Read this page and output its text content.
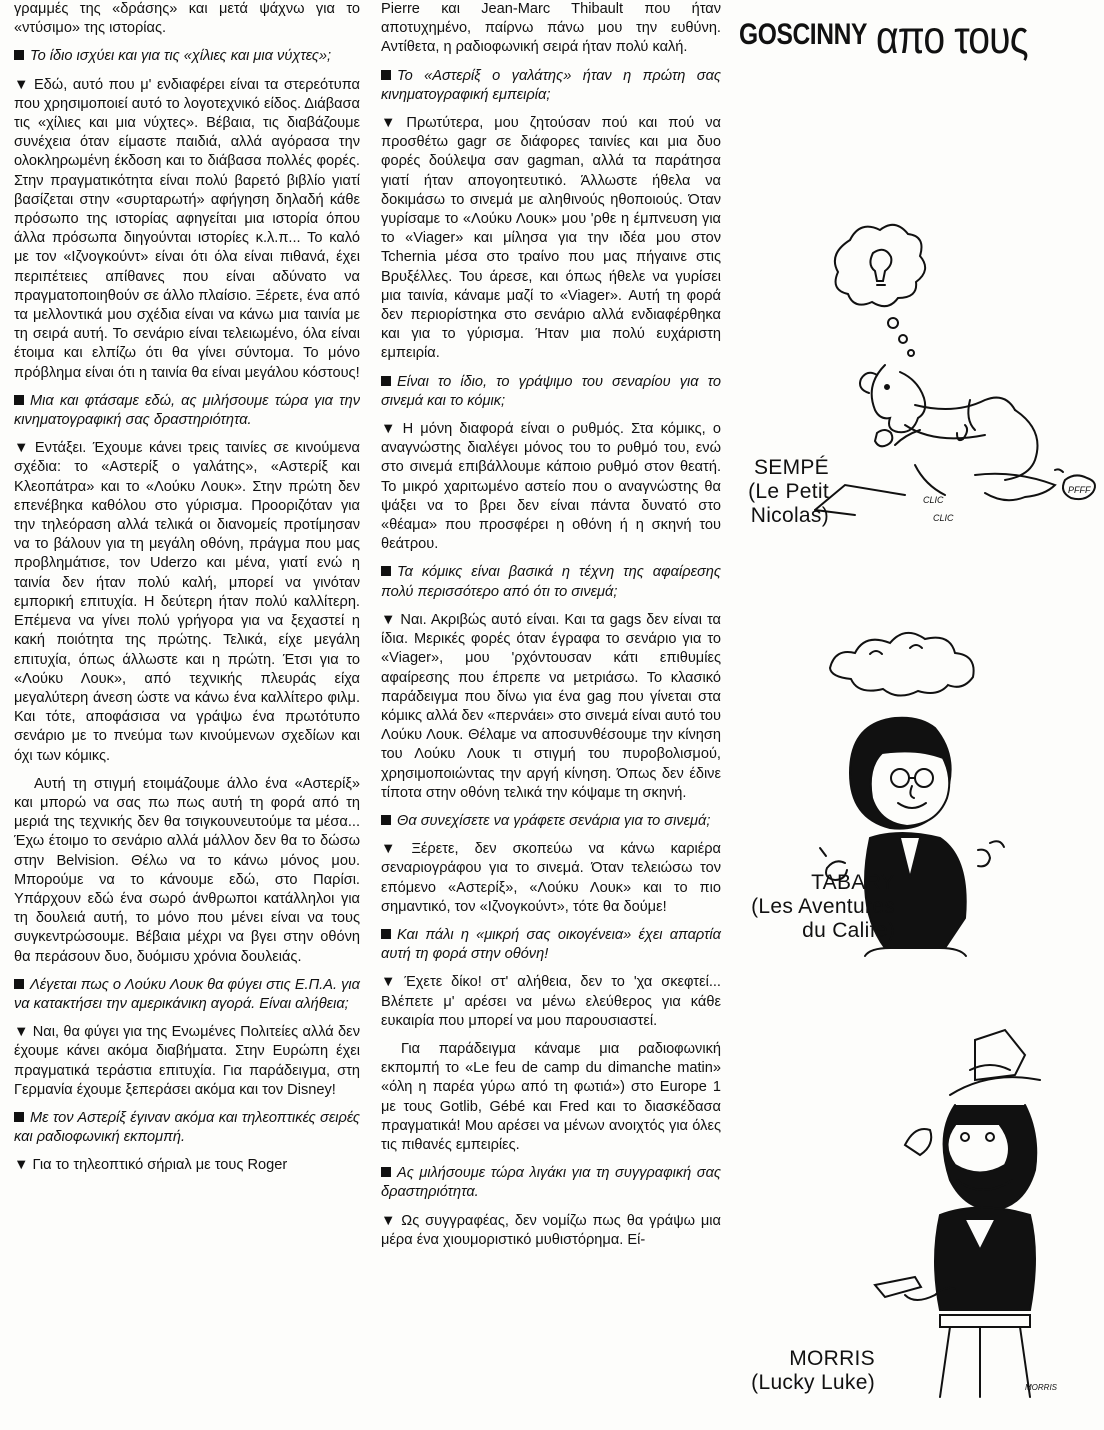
γραμμές της «δράσης» και μετά ψάχνω για το «ντύσιμο» της ιστορίας.

Το ίδιο ισχύει και για τις «χίλιες και μια νύχτες»;

▼ Εδώ, αυτό που μ' ενδιαφέρει είναι τα στερεότυπα που χρησιμοποιεί αυτό το λογοτεχνικό είδος. Διάβασα τις «χίλιες και μια νύχτες». Βέβαια, τις διαβάζουμε συνέχεια όταν είμαστε παιδιά, αλλά αγόρασα την ολοκληρωμένη έκδοση και το διάβασα πολλές φορές. Στην πραγματικότητα είναι πολύ βαρετό βιβλίο γιατί βασίζεται στην «συρταρωτή» αφήγηση δηλαδή κάθε πρόσωπο της ιστορίας αφηγείται μια ιστορία όπου άλλα πρόσωπα διηγούνται ιστορίες κ.λ.π... Το καλό με τον «Ιζνογκούντ» είναι ότι όλα είναι πιθανά, έχει περιπέτειες απίθανες που είναι αδύνατο να πραγματοποιηθούν σε άλλο πλαίσιο. Ξέρετε, ένα από τα μελλοντικά μου σχέδια είναι να κάνω μια ταινία με τη σειρά αυτή. Το σενάριο είναι τελειωμένο, όλα είναι έτοιμα και ελπίζω ότι θα γίνει σύντομα. Το μόνο πρόβλημα είναι ότι η ταινία θα είναι μεγάλου κόστους!

Μια και φτάσαμε εδώ, ας μιλήσουμε τώρα για την κινηματογραφική σας δραστηριότητα.

▼ Εντάξει. Έχουμε κάνει τρεις ταινίες σε κινούμενα σχέδια: το «Αστερίξ ο γαλάτης», «Αστερίξ και Κλεοπάτρα» και το «Λούκυ Λουκ». Στην πρώτη δεν επενέβηκα καθόλου στο γύρισμα. Προοριζόταν για την τηλεόραση αλλά τελικά οι διανομείς προτίμησαν να το βάλουν για τη μεγάλη οθόνη, πράγμα που μας προβλημάτισε, τον Uderzo και μένα, γιατί ενώ η ταινία δεν ήταν πολύ καλή, μπορεί να γινόταν εμπορική επιτυχία. Η δεύτερη ήταν πολύ καλλίτερη. Επέμενα να γίνει πολύ γρήγορα για να ξεχαστεί η κακή ποιότητα της πρώτης. Τελικά, είχε μεγάλη επιτυχία, όπως άλλωστε και η πρώτη. Έτσι για το «Λούκυ Λουκ», από τεχνικής πλευράς είχα μεγαλύτερη άνεση ώστε να κάνω ένα καλλίτερο φιλμ. Και τότε, αποφάσισα να γράψω ένα πρωτότυπο σενάριο με το πνεύμα των κινούμενων σχεδίων και όχι των κόμικς.

Αυτή τη στιγμή ετοιμάζουμε άλλο ένα «Αστερίξ» και μπορώ να σας πω πως αυτή τη φορά από τη μεριά της τεχνικής δεν θα τσιγκουνευτούμε τα μέσα... Έχω έτοιμο το σενάριο αλλά μάλλον δεν θα το δώσω στην Belvision. Θέλω να το κάνω μόνος μου. Μπορούμε να το κάνουμε εδώ, στο Παρίσι. Υπάρχουν εδώ ένα σωρό άνθρωποι κατάλληλοι για τη δουλειά αυτή, το μόνο που μένει είναι να τους συγκεντρώσουμε. Βέβαια μέχρι να βγει στην οθόνη θα περάσουν δυο, δυόμισυ χρόνια δουλειάς.

Λέγεται πως ο Λούκυ Λουκ θα φύγει στις Ε.Π.Α. για να κατακτήσει την αμερικάνικη αγορά. Είναι αλήθεια;

▼ Ναι, θα φύγει για της Ενωμένες Πολιτείες αλλά δεν έχουμε κάνει ακόμα διαβήματα. Στην Ευρώπη έχει πραγματικά τεράστια επιτυχία. Για παράδειγμα, στη Γερμανία έχουμε ξεπεράσει ακόμα και τον Disney!

Με τον Αστερίξ έγιναν ακόμα και τηλεοπτικές σειρές και ραδιοφωνική εκπομπή.

▼ Για το τηλεοπτικό σήριαλ με τους Roger

Pierre και Jean-Marc Thibault που ήταν αποτυχημένο, παίρνω πάνω μου την ευθύνη. Αντίθετα, η ραδιοφωνική σειρά ήταν πολύ καλή.

Το «Αστερίξ ο γαλάτης» ήταν η πρώτη σας κινηματογραφική εμπειρία;

▼ Πρωτύτερα, μου ζητούσαν πού και πού να προσθέτω gagr σε διάφορες ταινίες και μια δυο φορές δούλεψα σαν gagman, αλλά τα παράτησα γιατί ήταν απογοητευτικό. Άλλωστε ήθελα να δοκιμάσω το σινεμά με αληθινούς ηθοποιούς. Όταν γυρίσαμε το «Λούκυ Λουκ» μου 'ρθε η έμπνευση για το «Viager» και μίλησα για την ιδέα μου στον Tchernia μέσα στο τραίνο που μας πήγαινε στις Βρυξέλλες. Του άρεσε, και όπως ήθελε να γυρίσει μια ταινία, κάναμε μαζί το «Viager». Αυτή τη φορά δεν περιορίστηκα στο σενάριο αλλά ενδιαφέρθηκα και για το γύρισμα. Ήταν μια πολύ ευχάριστη εμπειρία.

Είναι το ίδιο, το γράψιμο του σεναρίου για το σινεμά και το κόμικ;

▼ Η μόνη διαφορά είναι ο ρυθμός. Στα κόμικς, ο αναγνώστης διαλέγει μόνος του το ρυθμό του, ενώ στο σινεμά επιβάλλουμε κάποιο ρυθμό στον θεατή. Το μικρό χαριτωμένο αστείο που ο αναγνώστης θα ψάξει να το βρει δεν είναι πάντα δυνατό στο «θέαμα» που προσφέρει η οθόνη ή η σκηνή του θεάτρου.

Τα κόμικς είναι βασικά η τέχνη της αφαίρεσης πολύ περισσότερο από ότι το σινεμά;

▼ Ναι. Ακριβώς αυτό είναι. Και τα gags δεν είναι τα ίδια. Μερικές φορές όταν έγραφα το σενάριο για το «Viager», μου 'ρχόντουσαν κάτι επιθυμίες αφαίρεσης που έπρεπε να μετριάσω. Το κλασικό παράδειγμα που δίνω για ένα gag που γίνεται στα κόμικς αλλά δεν «περνάει» στο σινεμά είναι αυτό του Λούκυ Λουκ. Θέλαμε να αποσυνθέσουμε την κίνηση του Λούκυ Λουκ τι στιγμή του πυροβολισμού, χρησιμοποιώντας την αργή κίνηση. Όπως δεν έδινε τίποτα στην οθόνη τελικά την κόψαμε τη σκηνή.

Θα συνεχίσετε να γράφετε σενάρια για το σινεμά;

▼ Ξέρετε, δεν σκοπεύω να κάνω καριέρα σεναριογράφου για το σινεμά. Όταν τελειώσω τον επόμενο «Αστερίξ», «Λούκυ Λουκ» και το πιο σημαντικό, τον «Ιζνογκούντ», τότε θα δούμε!

Και πάλι η «μικρή σας οικογένεια» έχει απαρτία αυτή τη φορά στην οθόνη!

▼ Έχετε δίκο! στ' αλήθεια, δεν το 'χα σκεφτεί... Βλέπετε μ' αρέσει να μένω ελεύθερος για κάθε ευκαιρία που μπορεί να μου παρουσιαστεί.

Για παράδειγμα κάναμε μια ραδιοφωνική εκπομπή το «Le feu de camp du dimanche matin» «όλη η παρέα γύρω από τη φωτιά») στο Europe 1 με τους Gotlib, Gébé και Fred και το διασκέδασα πραγματικά! Μου αρέσει να μένων ανοιχτός για όλες τις πιθανές εμπειρίες.

Ας μιλήσουμε τώρα λιγάκι για τη συγγραφική σας δραστηριότητα.

▼ Ως συγγραφέας, δεν νομίζω πως θα γράψω μια μέρα ένα χιουμοριστικό μυθιστόρημα. Εί-

GOSCINNY απο τους
PFFF
CLIC
CLIC
SEMPÉ
(Le Petit
Nicolas)
TABARY
(Les Aventures
du Calife)
MORRIS
MORRIS
(Lucky Luke)
